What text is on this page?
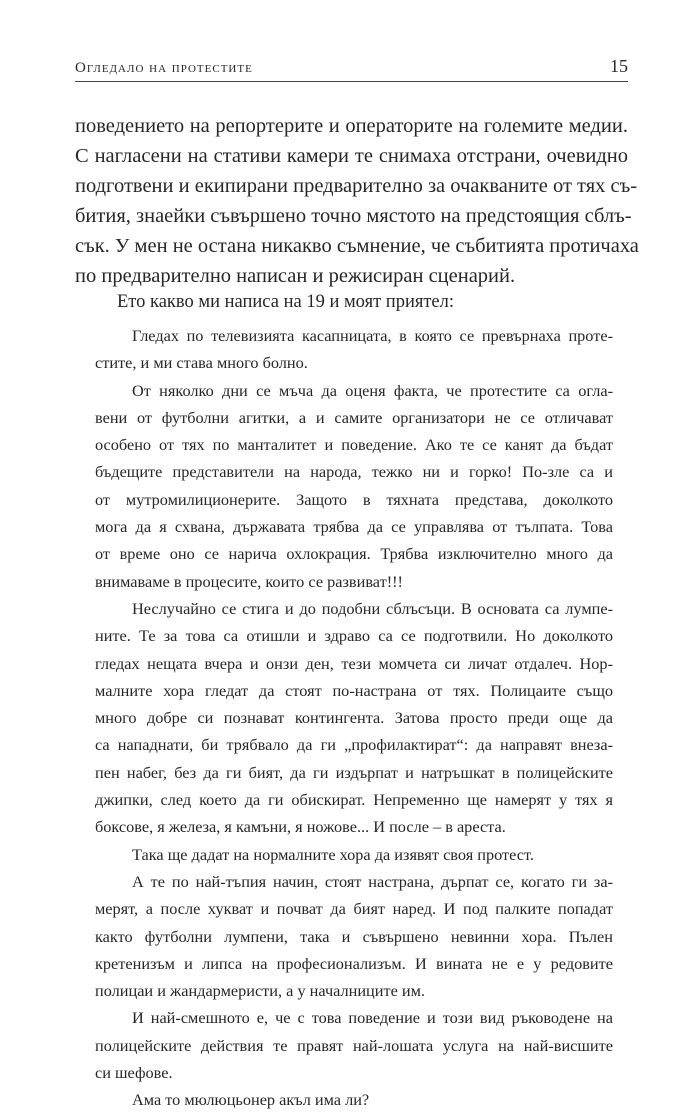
Огледало на протестите	15
поведението на репортерите и операторите на големите медии.
С нагласени на стативи камери те снимаха отстрани, очевидно
подготвени и екипирани предварително за очакваните от тях съ-
бития, знаейки съвършено точно мястото на предстоящия сблъ-
сък. У мен не остана никакво съмнение, че събитията протичаха
по предварително написан и режисиран сценарий.
Ето какво ми написа на 19 и моят приятел:
Гледах по телевизията касапницата, в която се превърнаха проте-
стите, и ми става много болно.
От няколко дни се мъча да оценя факта, че протестите са огла-
вени от футболни агитки, а и самите организатори не се отличават
особено от тях по манталитет и поведение. Ако те се канят да бъдат
бъдещите представители на народа, тежко ни и горко! По-зле са и
от мутромилиционерите. Защото в тяхната представа, доколкото
мога да я схвана, държавата трябва да се управлява от тълпата. Това
от време оно се нарича охлокрация. Трябва изключително много да
внимаваме в процесите, които се развиват!!!
Неслучайно се стига и до подобни сблъсъци. В основата са лумпе-
ните. Те за това са отишли и здраво са се подготвили. Но доколкото
гледах нещата вчера и онзи ден, тези момчета си личат отдалеч. Нор-
малните хора гледат да стоят по-настрана от тях. Полицаите също
много добре си познават контингента. Затова просто преди още да
са нападнати, би трябвало да ги „профилактират“: да направят внеза-
пен набег, без да ги бият, да ги издърпат и натръшкат в полицейските
джипки, след което да ги обискират. Непременно ще намерят у тях я
боксове, я железа, я камъни, я ножове... И после – в ареста.
Така ще дадат на нормалните хора да изявят своя протест.
А те по най-тъпия начин, стоят настрана, дърпат се, когато ги за-
мерят, а после хукват и почват да бият наред. И под палките попадат
както футболни лумпени, така и съвършено невинни хора. Пълен
кретенизъм и липса на професионализъм. И вината не е у редовите
полицаи и жандармеристи, а у началниците им.
И най-смешното е, че с това поведение и този вид ръководене на
полицейските действия те правят най-лошата услуга на най-висшите
си шефове.
Ама то мюлюцьонер акъл има ли?
